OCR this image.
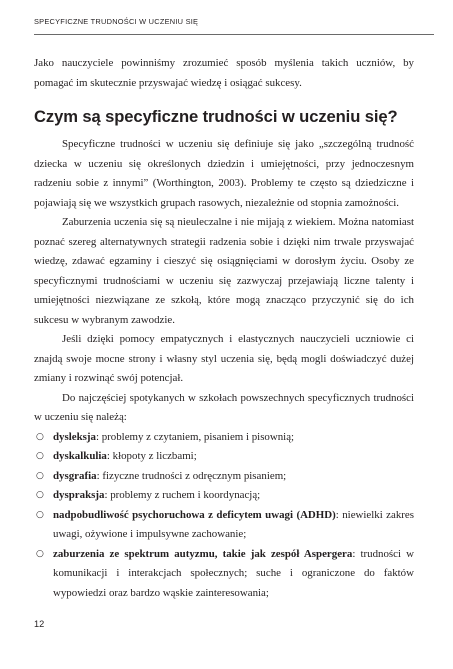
SPECYFICZNE TRUDNOŚCI W UCZENIU SIĘ

Jako nauczyciele powinniśmy zrozumieć sposób myślenia takich uczniów, by pomagać im skutecznie przyswajać wiedzę i osiągać sukcesy.

Czym są specyficzne trudności w uczeniu się?

Specyficzne trudności w uczeniu się definiuje się jako „szczególną trudność dziecka w uczeniu się określonych dziedzin i umiejętności, przy jednoczesnym radzeniu sobie z innymi” (Worthington, 2003). Problemy te często są dziedziczne i pojawiają się we wszystkich grupach rasowych, niezależnie od stopnia zamożności.

Zaburzenia uczenia się są nieuleczalne i nie mijają z wiekiem. Można natomiast poznać szereg alternatywnych strategii radzenia sobie i dzięki nim trwale przyswajać wiedzę, zdawać egzaminy i cieszyć się osiągnięciami w dorosłym życiu. Osoby ze specyficznymi trudnościami w uczeniu się zazwyczaj przejawiają liczne talenty i umiejętności niezwiązane ze szkołą, które mogą znacząco przyczynić się do ich sukcesu w wybranym zawodzie.

Jeśli dzięki pomocy empatycznych i elastycznych nauczycieli uczniowie ci znajdą swoje mocne strony i własny styl uczenia się, będą mogli doświadczyć dużej zmiany i rozwinąć swój potencjał.

Do najczęściej spotykanych w szkołach powszechnych specyficznych trudności w uczeniu się należą:

○ dysleksja: problemy z czytaniem, pisaniem i pisownią;
○ dyskalkulia: kłopoty z liczbami;
○ dysgrafia: fizyczne trudności z odręcznym pisaniem;
○ dyspraksja: problemy z ruchem i koordynacją;
○ nadpobudliwość psychoruchowa z deficytem uwagi (ADHD): niewielki zakres uwagi, ożywione i impulsywne zachowanie;
○ zaburzenia ze spektrum autyzmu, takie jak zespół Aspergera: trudności w komunikacji i interakcjach społecznych; suche i ograniczone do faktów wypowiedzi oraz bardzo wąskie zainteresowania;
12
